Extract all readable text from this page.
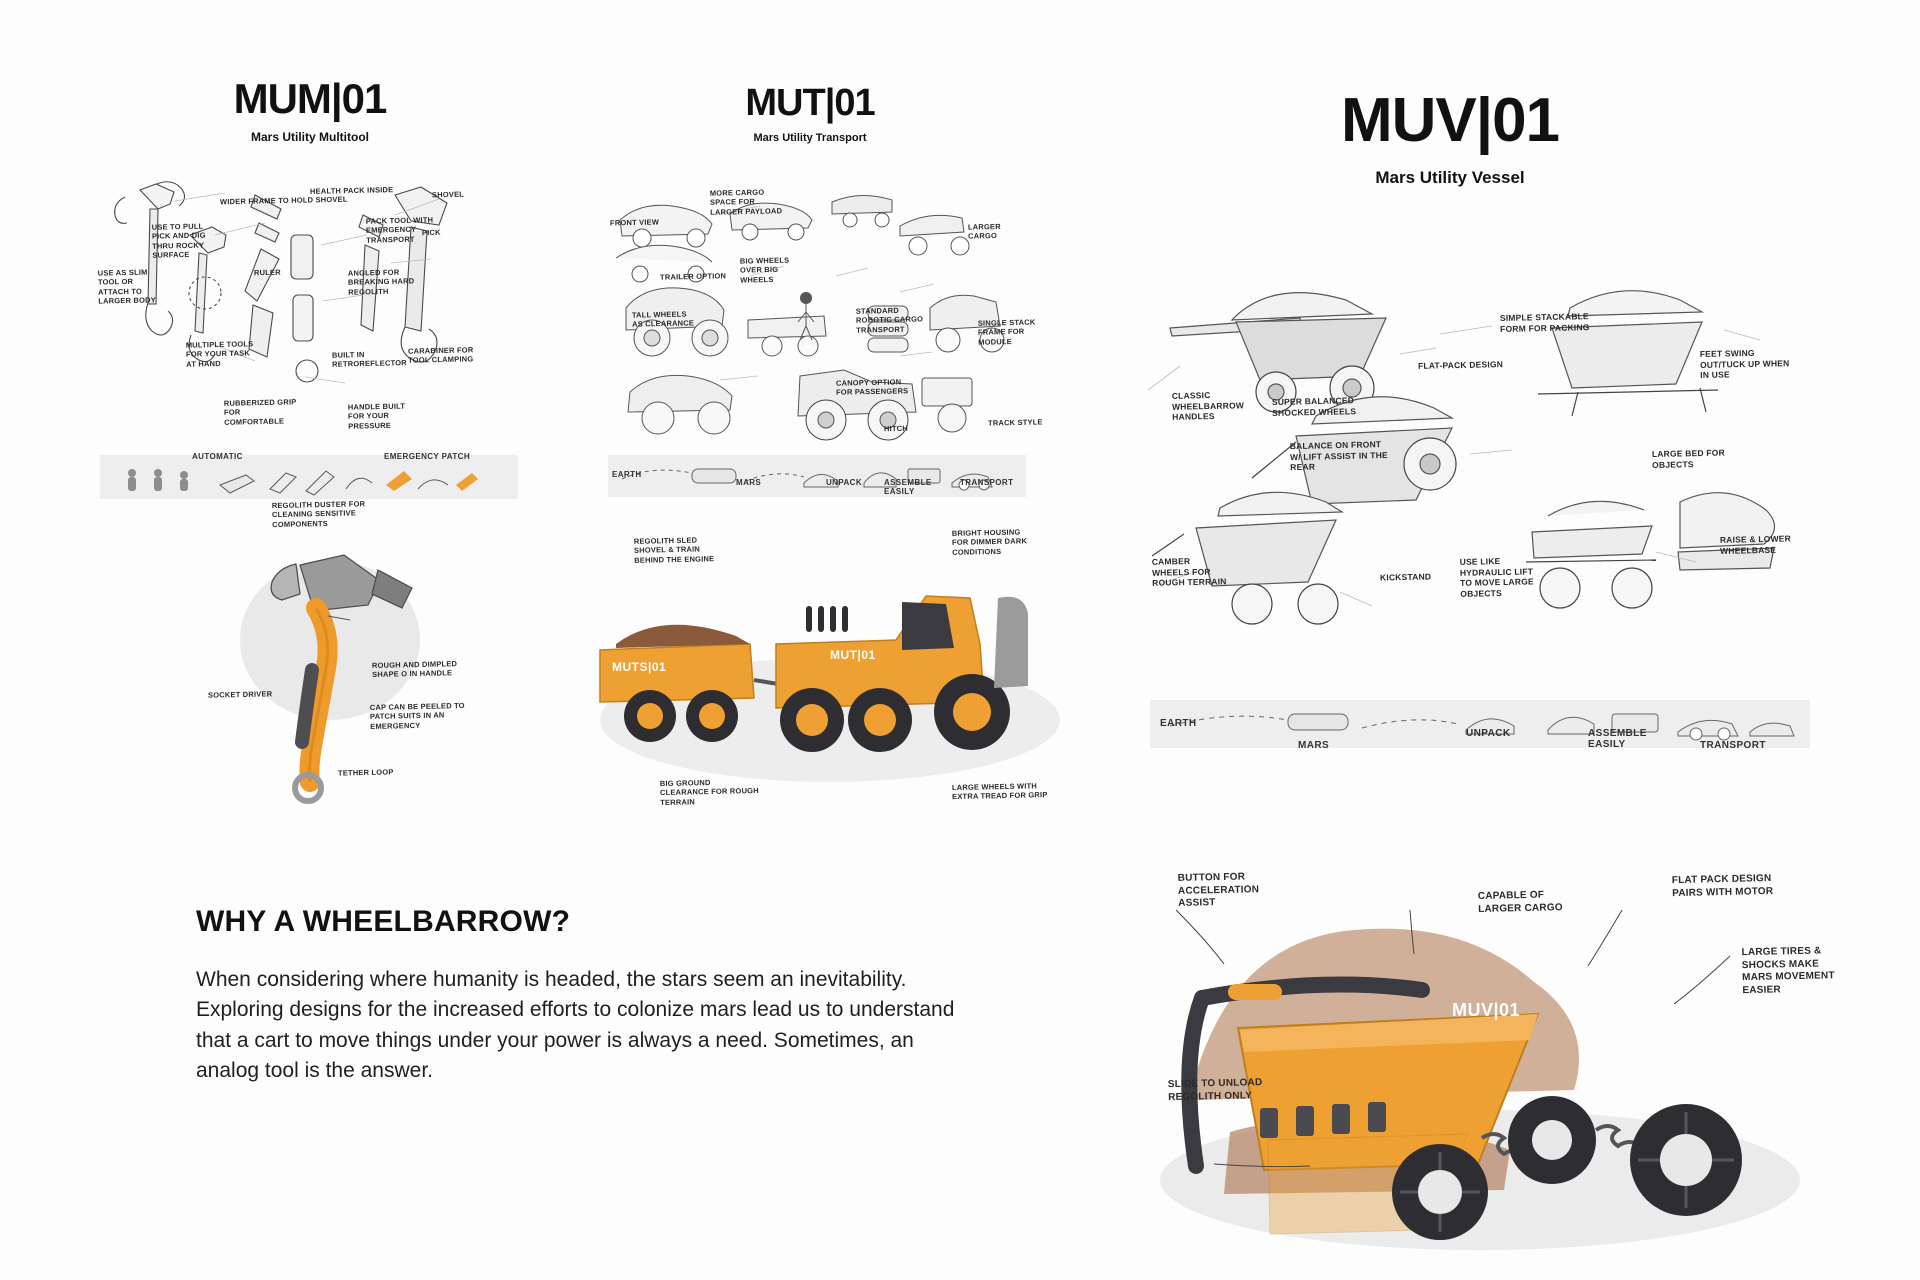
MUM|01
Mars Utility Multitool
MUT|01
Mars Utility Transport	MUV|01
Mars Utility Vessel
WIDER FRAME TO HOLD SHOVEL
HEALTH PACK INSIDE
PACK TOOL WITH EMERGENCY TRANSPORT
SHOVEL
PICK
USE TO PULL PICK AND DIG THRU ROCKY SURFACE
USE AS SLIM TOOL OR ATTACH TO LARGER BODY
RULER	ANGLED FOR BREAKING HARD REGOLITH
BUILT IN RETROREFLECTOR
CARABINER FOR TOOL CLAMPING
RUBBERIZED GRIP FOR COMFORTABLE
HANDLE BUILT FOR YOUR PRESSURE
MULTIPLE TOOLS FOR YOUR TASK AT HAND
AUTOMATIC	EMERGENCY PATCH
REGOLITH DUSTER FOR CLEANING SENSITIVE COMPONENTS
SOCKET DRIVER
ROUGH AND DIMPLED SHAPE O IN HANDLE
CAP CAN BE PEELED TO PATCH SUITS IN AN EMERGENCY
TETHER LOOP
MORE CARGO SPACE FOR LARGER PAYLOAD
FRONT VIEW
TRAILER OPTION
BIG WHEELS OVER BIG WHEELS
TALL WHEELS AS CLEARANCE
LARGER CARGO
STANDARD ROBOTIC CARGO TRANSPORT
SINGLE STACK FRAME FOR MODULE
CANOPY OPTION FOR PASSENGERS
HITCH
TRACK STYLE
EARTH
MARS	UNPACK	ASSEMBLE EASILY
TRANSPORT
MUTS|01
MUT|01
REGOLITH SLED SHOVEL & TRAIN BEHIND THE ENGINE
BRIGHT HOUSING FOR DIMMER DARK CONDITIONS
BIG GROUND CLEARANCE FOR ROUGH TERRAIN
LARGE WHEELS WITH EXTRA TREAD FOR GRIP
CLASSIC WHEELBARROW HANDLES
SUPER BALANCED SHOCKED WHEELS
SIMPLE STACKABLE FORM FOR PACKING
FLAT-PACK DESIGN
FEET SWING OUT/TUCK UP WHEN IN USE
BALANCE ON FRONT W/ LIFT ASSIST IN THE REAR
LARGE BED FOR OBJECTS
CAMBER WHEELS FOR ROUGH TERRAIN	KICKSTAND
USE LIKE HYDRAULIC LIFT TO MOVE LARGE OBJECTS
RAISE & LOWER WHEELBASE
EARTH
MARS
UNPACK	ASSEMBLE EASILY	TRANSPORT
BUTTON FOR ACCELERATION ASSIST
CAPABLE OF LARGER CARGO
FLAT PACK DESIGN PAIRS WITH MOTOR
LARGE TIRES & SHOCKS MAKE MARS MOVEMENT EASIER
SLIDE TO UNLOAD REGOLITH ONLY
MUV|01
WHY A WHEELBARROW?

When considering where humanity is headed, the stars seem an inevitability. Exploring designs for the increased efforts to colonize mars lead us to understand that a cart to move things under your power is always a need. Sometimes, an analog tool is the answer.
